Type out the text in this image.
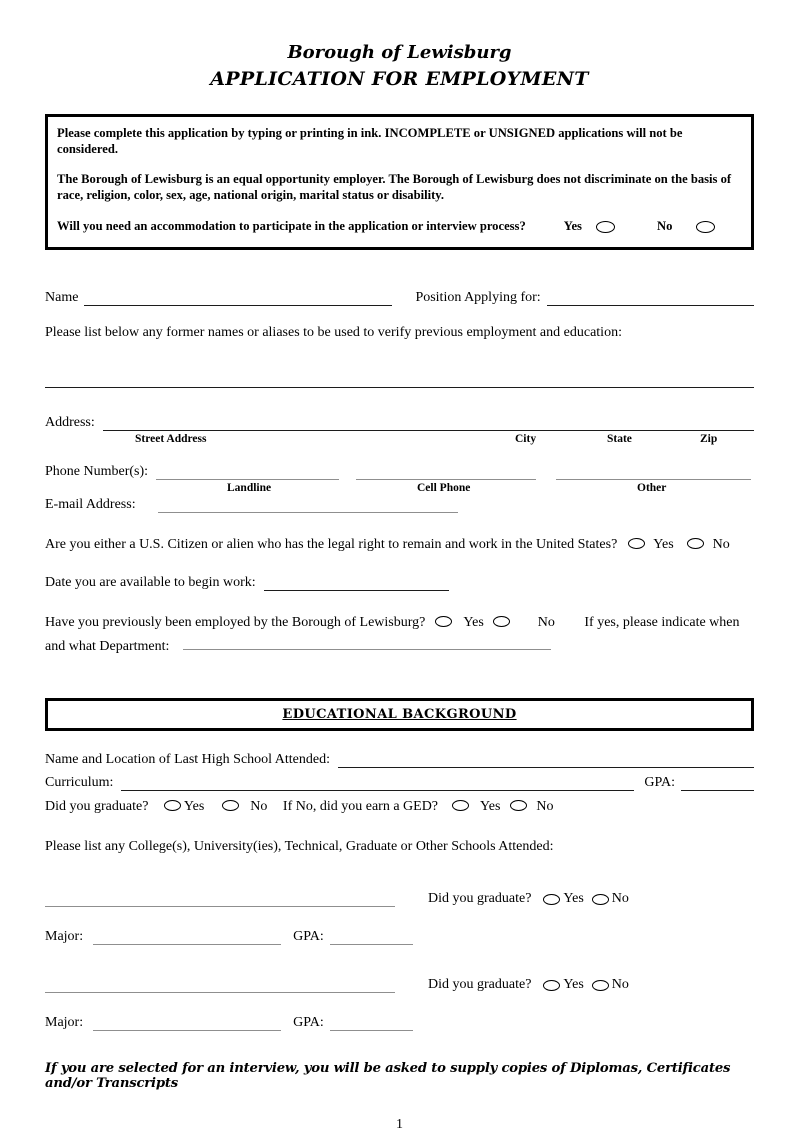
Borough of Lewisburg
APPLICATION FOR EMPLOYMENT

Please complete this application by typing or printing in ink. INCOMPLETE or UNSIGNED applications will not be considered.

The Borough of Lewisburg is an equal opportunity employer. The Borough of Lewisburg does not discriminate on the basis of race, religion, color, sex, age, national origin, marital status or disability.

Will you need an accommodation to participate in the application or interview process?	Yes	No

Name	Position Applying for:
Please list below any former names or aliases to be used to verify previous employment and education:
Address:
Street Address	City	State	Zip
Phone Number(s):
Landline	Cell Phone	Other
E-mail Address:
Are you either a U.S. Citizen or alien who has the legal right to remain and work in the United States?	Yes	No
Date you are available to begin work:
Have you previously been employed by the Borough of Lewisburg?	Yes	No If yes, please indicate when
and what Department:
EDUCATIONAL BACKGROUND
Name and Location of Last High School Attended:
Curriculum:	GPA:
Did you graduate?	Yes	No If No, did you earn a GED?	Yes	No
Please list any College(s), University(ies), Technical, Graduate or Other Schools Attended:
Did you graduate? Yes No
Major:	GPA:
Did you graduate? Yes No
Major:	GPA:
If you are selected for an interview, you will be asked to supply copies of Diplomas, Certificates and/or Transcripts
1
